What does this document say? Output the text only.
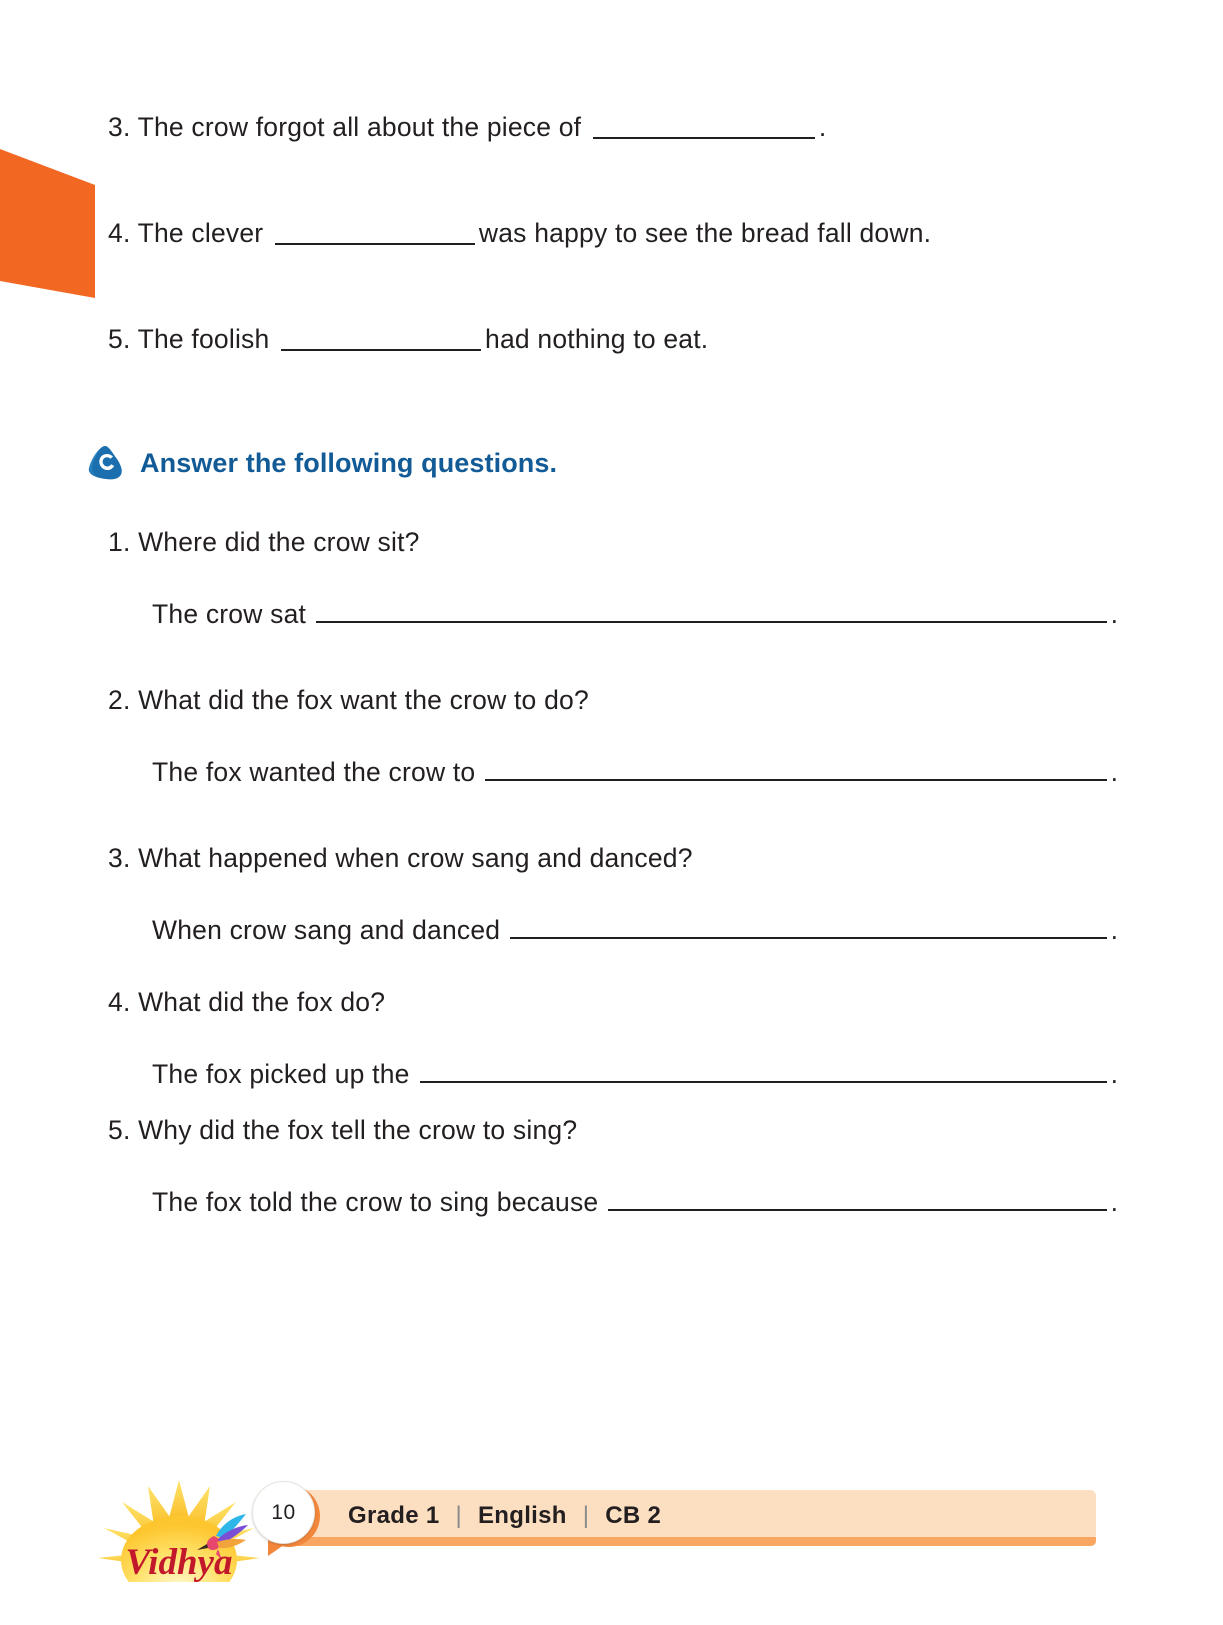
3. The crow forgot all about the piece of	.
4. The clever	was happy to see the bread fall down.
5. The foolish	had nothing to eat.
Answer the following questions.
1. Where did the crow sit?
The crow sat	.
2. What did the fox want the crow to do?
The fox wanted the crow to	.
3. What happened when crow sang and danced?
When crow sang and danced	.
4. What did the fox do?
The fox picked up the	.
5. Why did the fox tell the crow to sing?
The fox told the crow to sing because	.
Vidhya
10 Grade 1 | English | CB 2
